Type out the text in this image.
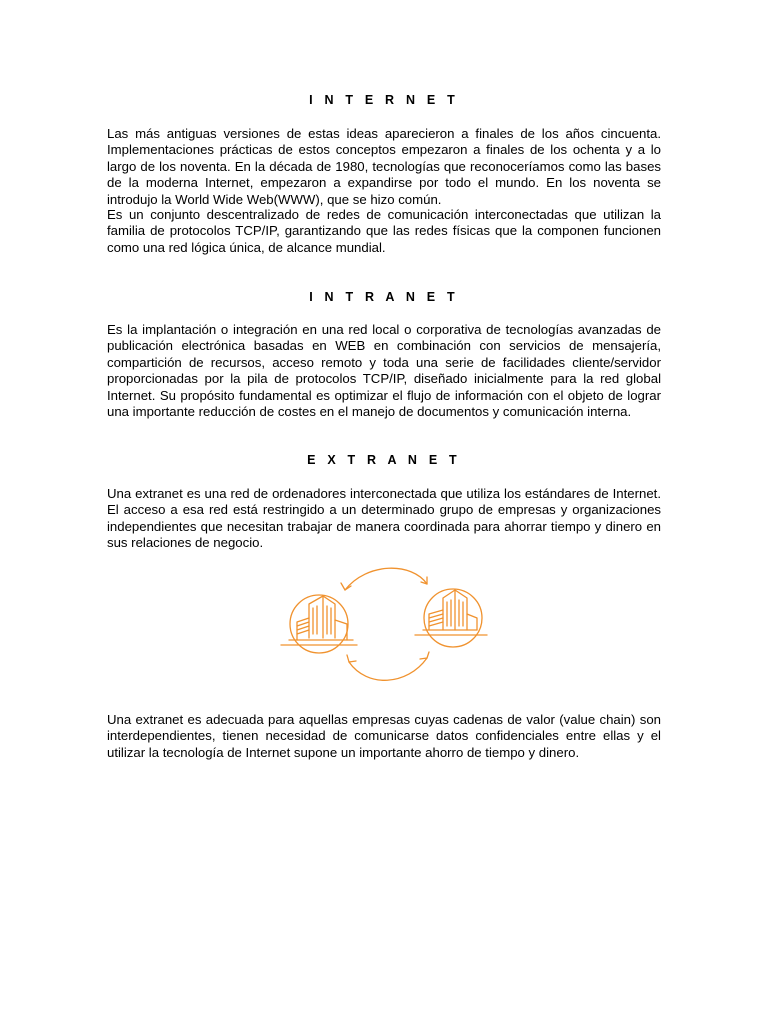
I N T E R N E T

Las más antiguas versiones de estas ideas aparecieron a finales de los años cincuenta. Implementaciones prácticas de estos conceptos empezaron a finales de los ochenta y a lo largo de los noventa. En la década de 1980, tecnologías que reconoceríamos como las bases de la moderna Internet, empezaron a expandirse por todo el mundo. En los noventa se introdujo la World Wide Web(WWW), que se hizo común.

Es un conjunto descentralizado de redes de comunicación interconectadas que utilizan la familia de protocolos TCP/IP, garantizando que las redes físicas que la componen funcionen como una red lógica única, de alcance mundial.

I N T R A N E T

Es la implantación o integración en una red local o corporativa de tecnologías avanzadas de publicación electrónica basadas en WEB en combinación con servicios de mensajería, compartición de recursos, acceso remoto y toda una serie de facilidades cliente/servidor proporcionadas por la pila de protocolos TCP/IP, diseñado inicialmente para la red global Internet. Su propósito fundamental es optimizar el flujo de información con el objeto de lograr una importante reducción de costes en el manejo de documentos y comunicación interna.

E X T R A N E T

Una extranet es una red de ordenadores interconectada que utiliza los estándares de Internet. El acceso a esa red está restringido a un determinado grupo de empresas y organizaciones independientes que necesitan trabajar de manera coordinada para ahorrar tiempo y dinero en sus relaciones de negocio.

Una extranet es adecuada para aquellas empresas cuyas cadenas de valor (value chain) son interdependientes, tienen necesidad de comunicarse datos confidenciales entre ellas y el utilizar la tecnología de Internet supone un importante ahorro de tiempo y dinero.
